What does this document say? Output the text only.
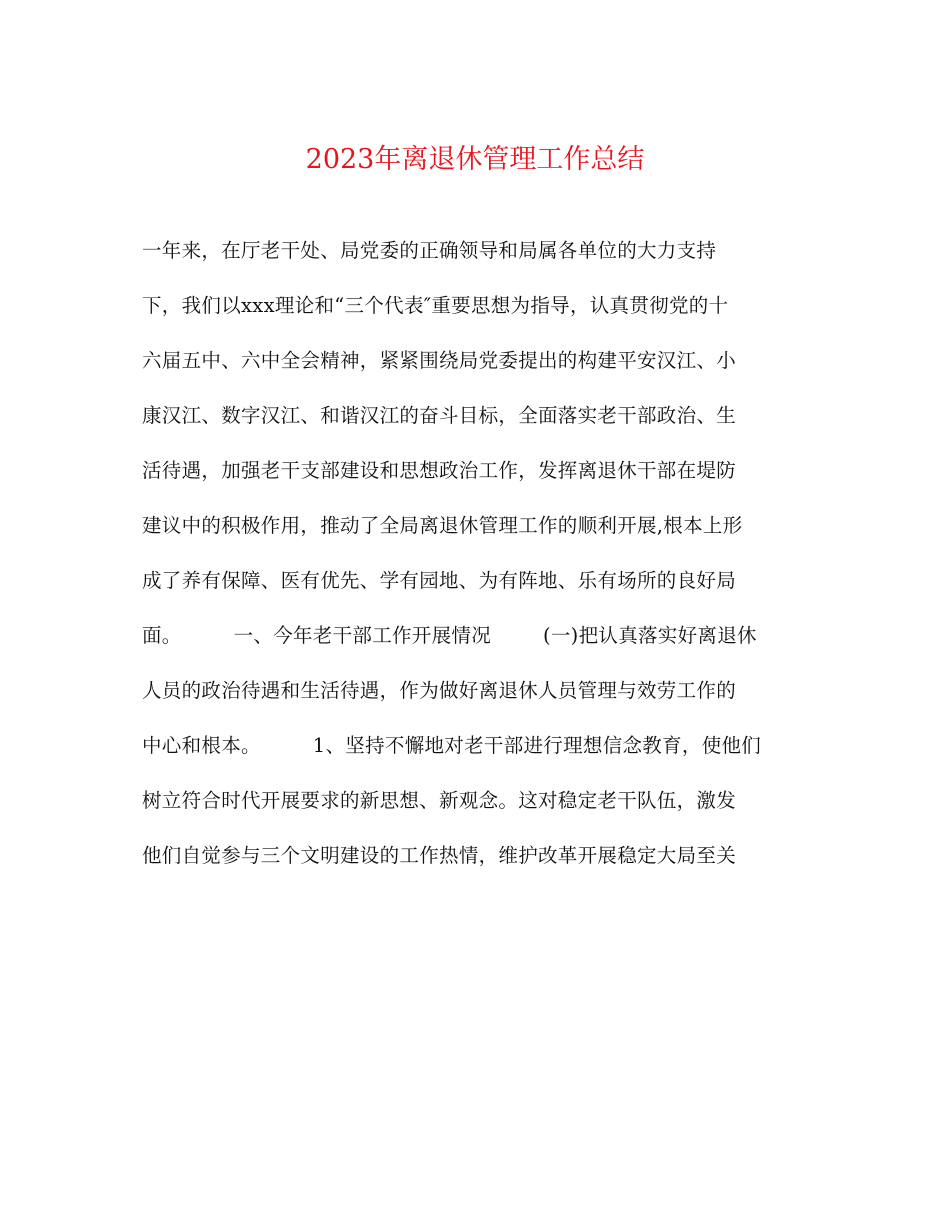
2023年离退休管理工作总结
一年来，在厅老干处、局党委的正确领导和局属各单位的大力支持
下，我们以xxx理论和“三个代表″重要思想为指导，认真贯彻党的十
六届五中、六中全会精神，紧紧围绕局党委提出的构建平安汉江、小
康汉江、数字汉江、和谐汉江的奋斗目标，全面落实老干部政治、生
活待遇，加强老干支部建设和思想政治工作，发挥离退休干部在堤防
建议中的积极作用，推动了全局离退休管理工作的顺利开展,根本上形
成了养有保障、医有优先、学有园地、为有阵地、乐有场所的良好局
面。        一、今年老干部工作开展情况        (一)把认真落实好离退休
人员的政治待遇和生活待遇，作为做好离退休人员管理与效劳工作的
中心和根本。        1、坚持不懈地对老干部进行理想信念教育，使他们
树立符合时代开展要求的新思想、新观念。这对稳定老干队伍，激发
他们自觉参与三个文明建设的工作热情，维护改革开展稳定大局至关
